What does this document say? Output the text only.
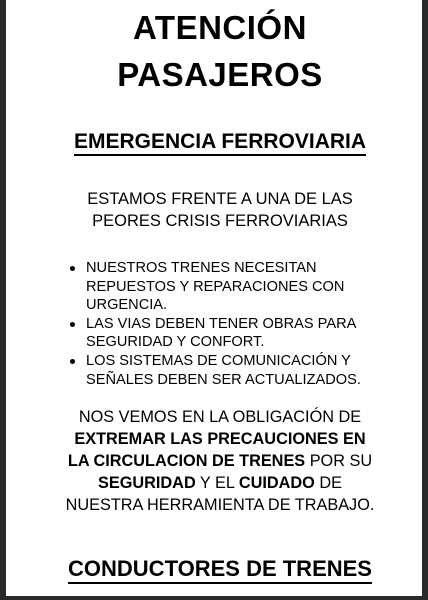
ATENCIÓN
PASAJEROS
EMERGENCIA FERROVIARIA
ESTAMOS FRENTE A UNA DE LAS
PEORES CRISIS FERROVIARIAS
NUESTROS TRENES NECESITAN
REPUESTOS Y REPARACIONES CON
URGENCIA.
LAS VIAS DEBEN TENER OBRAS PARA
SEGURIDAD Y CONFORT.
LOS SISTEMAS DE COMUNICACIÓN Y
SEÑALES DEBEN SER ACTUALIZADOS.
NOS VEMOS EN LA OBLIGACIÓN DE
EXTREMAR LAS PRECAUCIONES EN
LA CIRCULACION DE TRENES POR SU
SEGURIDAD Y EL CUIDADO DE
NUESTRA HERRAMIENTA DE TRABAJO.
CONDUCTORES DE TRENES
